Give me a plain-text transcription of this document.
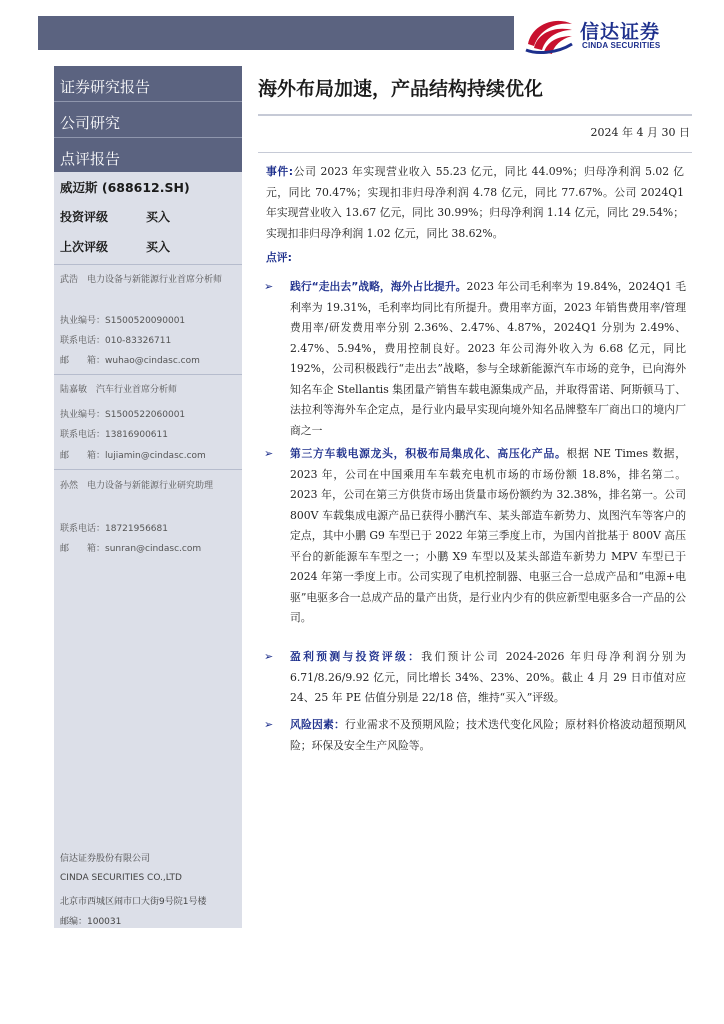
信达证券
CINDA SECURITIES
证券研究报告
公司研究
点评报告
威迈斯 (688612.SH)
投资评级	买入
上次评级	买入
武浩　电力设备与新能源行业首席分析师
执业编号：S1500520090001
联系电话：010-83326711
邮　　箱：wuhao@cindasc.com
陆嘉敏　汽车行业首席分析师
执业编号：S1500522060001
联系电话：13816900611
邮　　箱：lujiamin@cindasc.com
孙然　电力设备与新能源行业研究助理
联系电话：18721956681
邮　　箱：sunran@cindasc.com
信达证券股份有限公司
CINDA SECURITIES CO.,LTD
北京市西城区闹市口大街9号院1号楼
邮编：100031
海外布局加速，产品结构持续优化
2024 年 4 月 30 日
事件:公司 2023 年实现营业收入 55.23 亿元，同比 44.09%；归母净利润 5.02 亿元，同比 70.47%；实现扣非归母净利润 4.78 亿元，同比 77.67%。公司 2024Q1 年实现营业收入 13.67 亿元，同比 30.99%；归母净利润 1.14 亿元，同比 29.54%；实现扣非归母净利润 1.02 亿元，同比 38.62%。
点评:
➢ 践行“走出去”战略，海外占比提升。2023 年公司毛利率为 19.84%，2024Q1 毛利率为 19.31%，毛利率均同比有所提升。费用率方面，2023 年销售费用率/管理费用率/研发费用率分别 2.36%、2.47%、4.87%，2024Q1 分别为 2.49%、2.47%、5.94%，费用控制良好。2023 年公司海外收入为 6.68 亿元，同比 192%，公司积极践行“走出去”战略，参与全球新能源汽车市场的竞争，已向海外知名车企 Stellantis 集团量产销售车载电源集成产品，并取得雷诺、阿斯顿马丁、法拉利等海外车企定点，是行业内最早实现向境外知名品牌整车厂商出口的境内厂商之一
➢ 第三方车载电源龙头，积极布局集成化、高压化产品。根据 NE Times 数据，2023 年，公司在中国乘用车车载充电机市场的市场份额 18.8%，排名第二。2023 年，公司在第三方供货市场出货量市场份额约为 32.38%，排名第一。公司 800V 车载集成电源产品已获得小鹏汽车、某头部造车新势力、岚图汽车等客户的定点，其中小鹏 G9 车型已于 2022 年第三季度上市，为国内首批基于 800V 高压平台的新能源车车型之一；小鹏 X9 车型以及某头部造车新势力 MPV 车型已于 2024 年第一季度上市。公司实现了电机控制器、电驱三合一总成产品和“电源+电驱”电驱多合一总成产品的量产出货，是行业内少有的供应新型电驱多合一产品的公司。
➢ 盈利预测与投资评级：我们预计公司 2024-2026 年归母净利润分别为 6.71/8.26/9.92 亿元，同比增长 34%、23%、20%。截止 4 月 29 日市值对应 24、25 年 PE 估值分别是 22/18 倍，维持“买入”评级。
➢ 风险因素：行业需求不及预期风险；技术迭代变化风险；原材料价格波动超预期风险；环保及安全生产风险等。
